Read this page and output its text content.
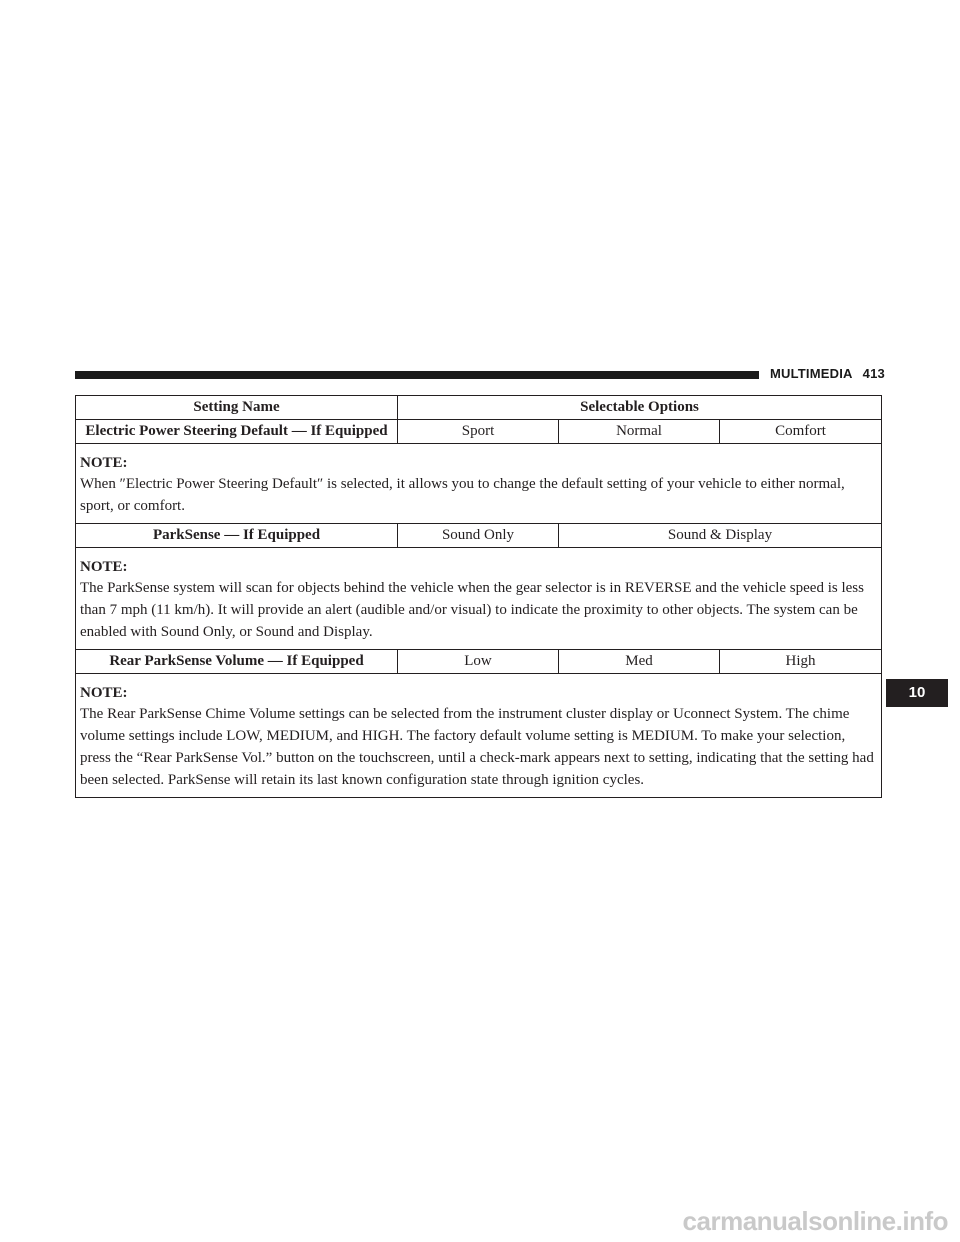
MULTIMEDIA 413
Setting Name	Selectable Options		
Electric Power Steering Default — If Equipped	Sport	Normal	Comfort

NOTE:

When ″Electric Power Steering Default″ is selected, it allows you to change the default setting of your vehicle to either normal, sport, or comfort.			

ParkSense — If Equipped	Sound Only	Sound & Display	

NOTE:

The ParkSense system will scan for objects behind the vehicle when the gear selector is in REVERSE and the vehicle speed is less than 7 mph (11 km/h). It will provide an alert (audible and/or visual) to indicate the proximity to other objects. The system can be enabled with Sound Only, or Sound and Display.			

Rear ParkSense Volume — If Equipped	Low	Med	High

NOTE:

The Rear ParkSense Chime Volume settings can be selected from the instrument cluster display or Uconnect System. The chime volume settings include LOW, MEDIUM, and HIGH. The factory default volume setting is MEDIUM. To make your selection, press the “Rear ParkSense Vol.” button on the touchscreen, until a check-mark appears next to setting, indicating that the setting had been selected. ParkSense will retain its last known configuration state through ignition cycles.			

10
carmanualsonline.info
